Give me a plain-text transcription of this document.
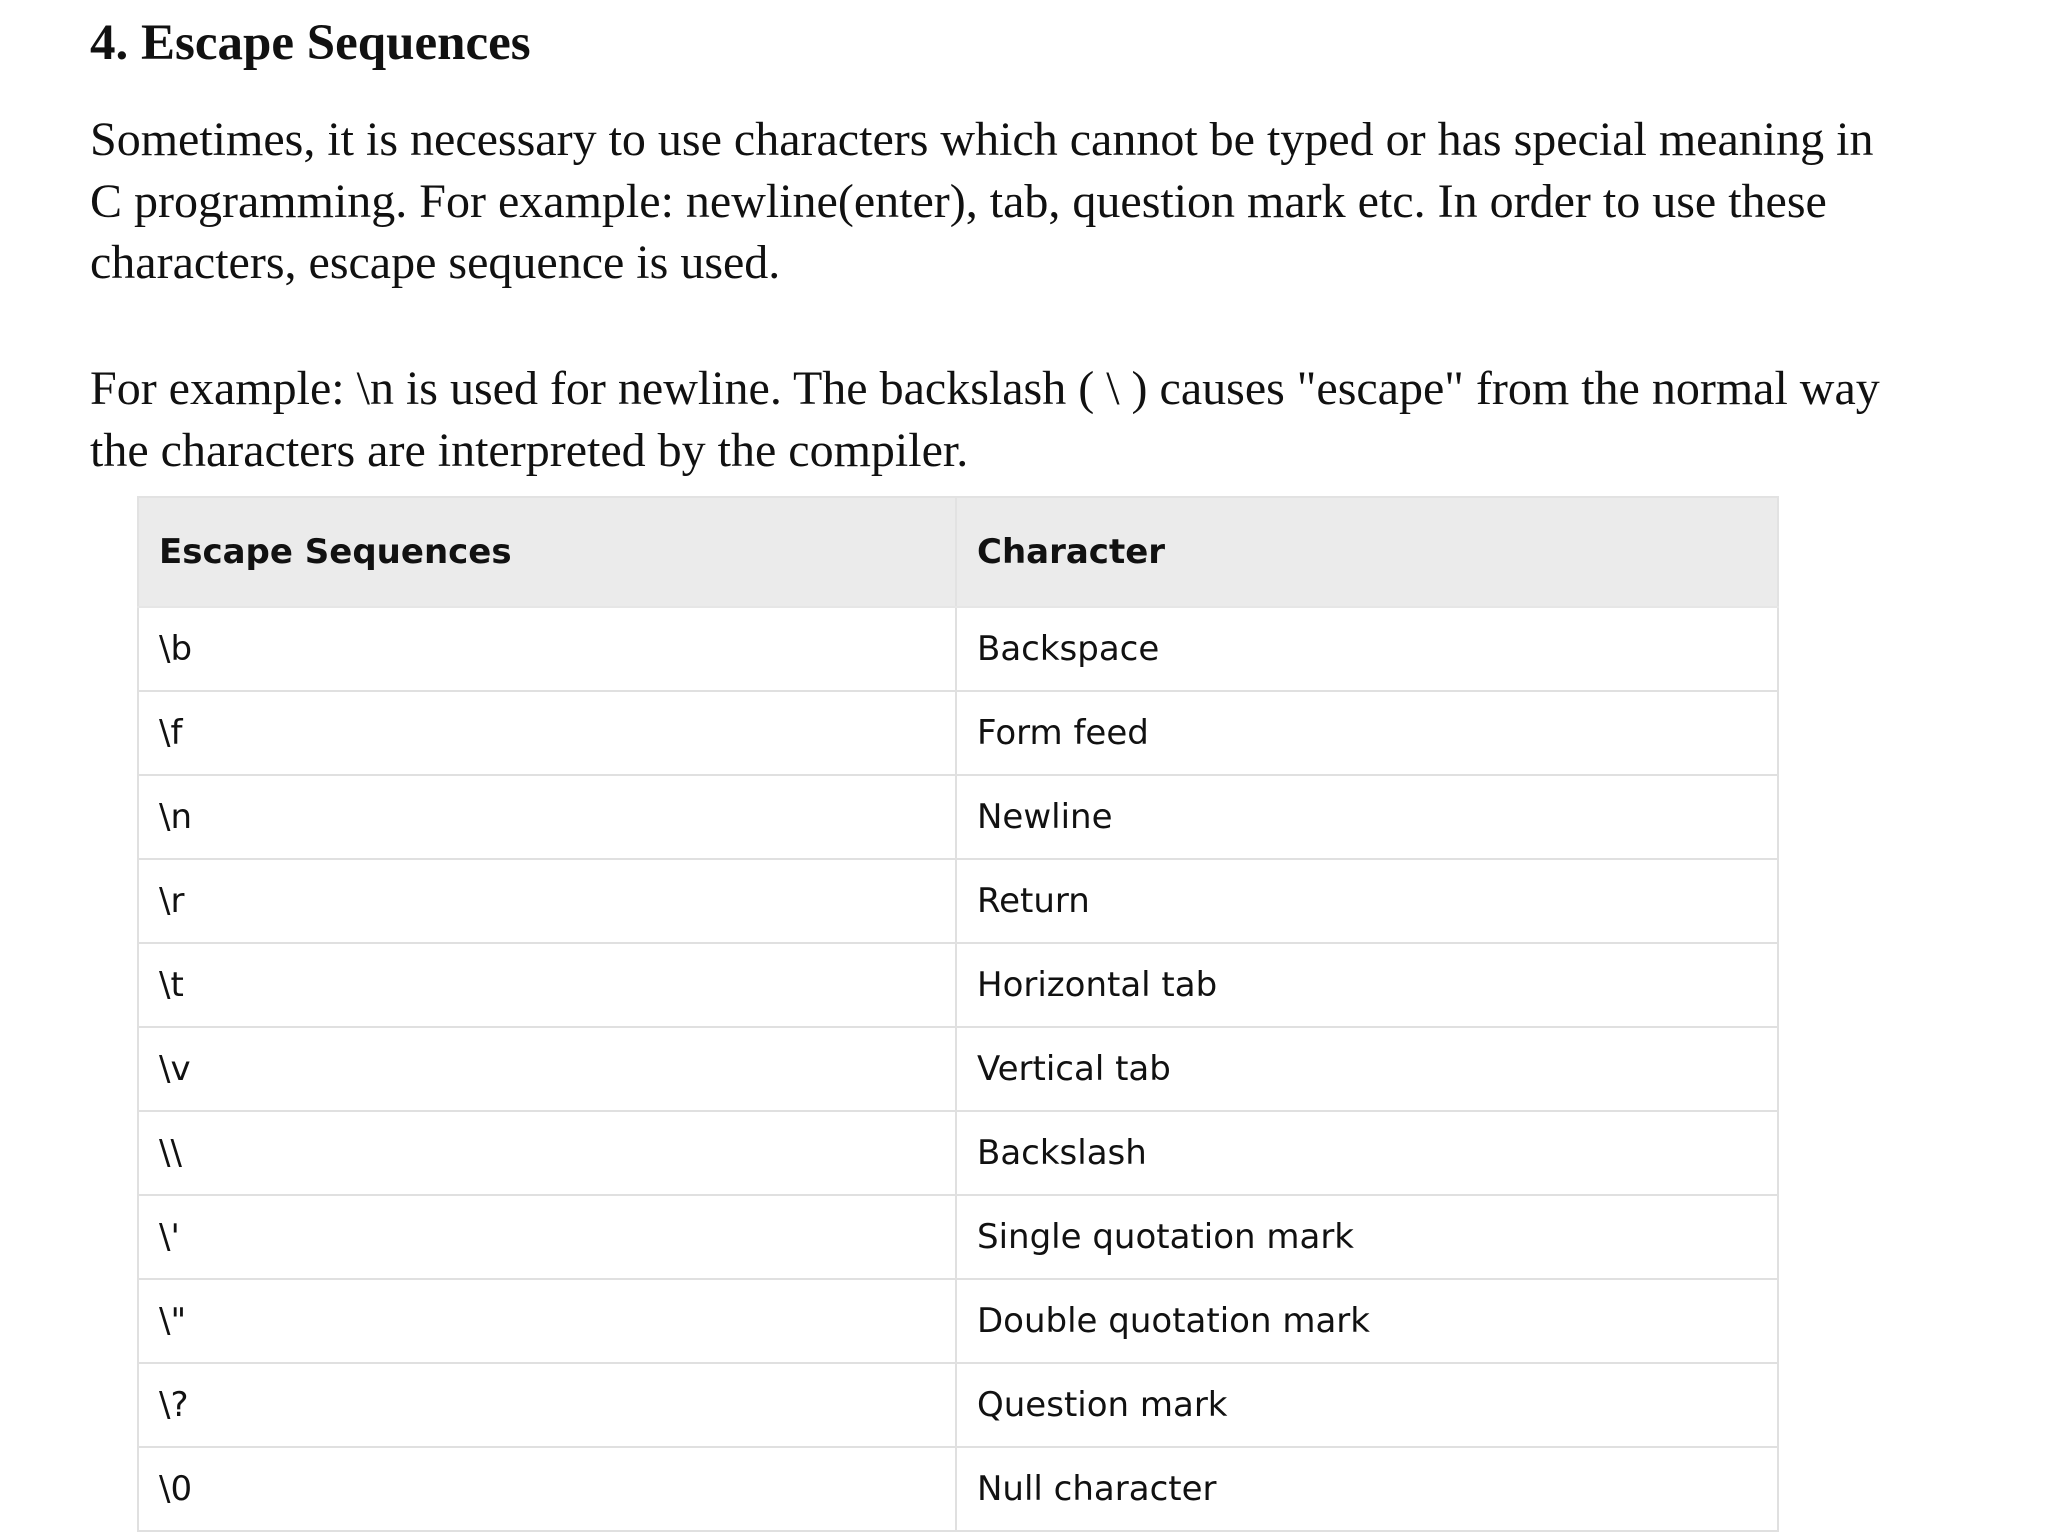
4. Escape Sequences

Sometimes, it is necessary to use characters which cannot be typed or has special meaning in
C programming. For example: newline(enter), tab, question mark etc. In order to use these
characters, escape sequence is used.

For example: \n is used for newline. The backslash ( \ ) causes "escape" from the normal way
the characters are interpreted by the compiler.

Escape Sequences	Character
\b	Backspace
\f	Form feed
\n	Newline
\r	Return
\t	Horizontal tab
\v	Vertical tab
\\	Backslash
\'	Single quotation mark
\"	Double quotation mark
\?	Question mark
\0	Null character
